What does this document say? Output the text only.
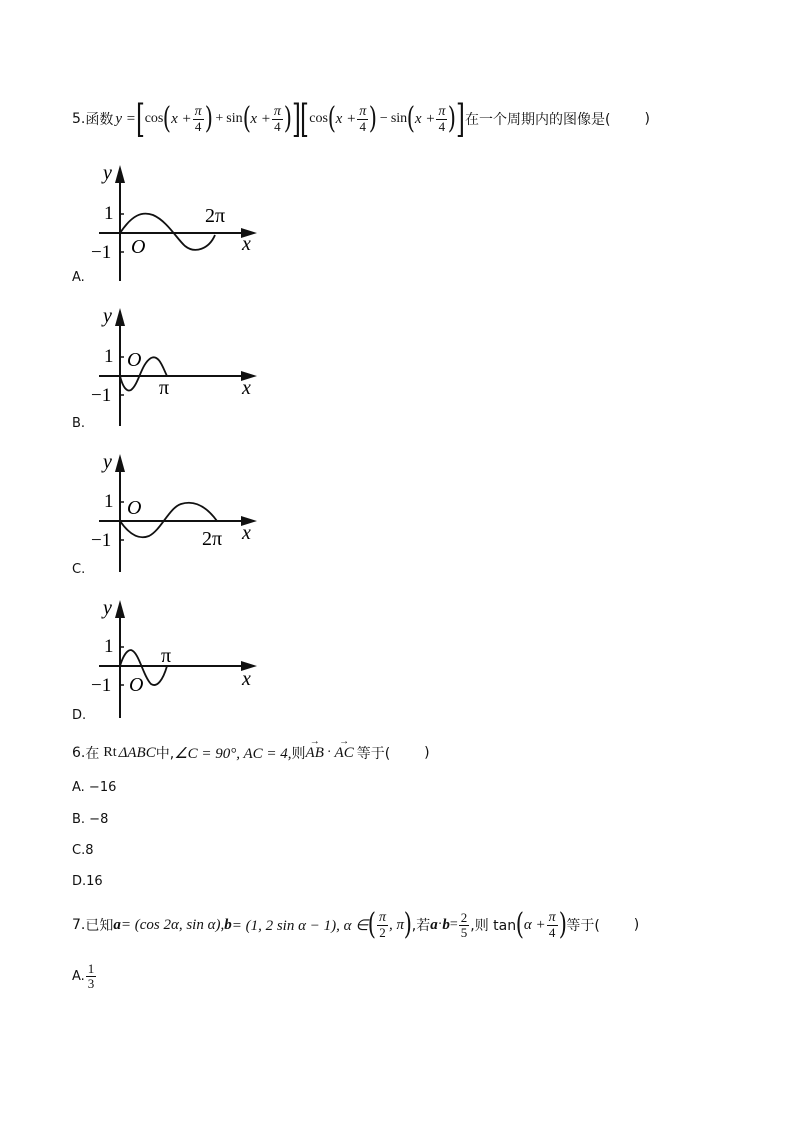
5. 函数 y = [ cos ( $x + \frac{\pi}{4}$ ) + sin ( $x + \frac{\pi}{4}$ ) ] [ cos ( $x + \frac{\pi}{4}$ ) − sin ( $x + \frac{\pi}{4}$ ) ] 在一个周期内的图像是( )
y
x
1
−1 O
2π
A.
y
x
1
−1
O
π
B.
y
x
1
−1
O
2π
C.
y
x
1
−1 O
π
D.
6. 在 Rt ΔABC 中, ∠C = 90°, AC = 4, 则 → AB · → AC 等于( )
A. −16
B. −8
C.8
D.16
7. 已知 a = (cos 2α, sin α), b = (1, 2 sin α − 1), α ∈ ( $\frac{\pi}{2}$ , π ) ,若 $a \cdot b = \frac{2}{5}$ ,则 tan ( $\alpha + \frac{\pi}{4}$ ) 等于( )
A. $\frac{1}{3}$
